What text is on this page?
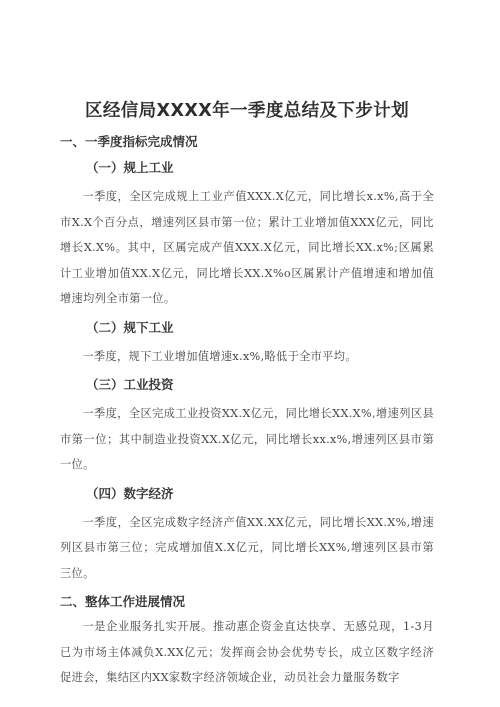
区经信局XXXX年一季度总结及下步计划
一、一季度指标完成情况
（一）规上工业

一季度，全区完成规上工业产值XXX.X亿元，同比增长x.x%,高于全市X.X个百分点，增速列区县市第一位；累计工业增加值XXX亿元，同比增长X.X%。其中，区属完成产值XXX.X亿元，同比增长XX.x%;区属累计工业增加值XX.X亿元，同比增长XX.X%o区属累计产值增速和增加值增速均列全市第一位。

（二）规下工业

一季度，规下工业增加值增速x.x%,略低于全市平均。

（三）工业投资

一季度，全区完成工业投资XX.X亿元，同比增长XX.X%,增速列区县市第一位；其中制造业投资XX.X亿元，同比增长xx.x%,增速列区县市第一位。

（四）数字经济

一季度，全区完成数字经济产值XX.XX亿元，同比增长XX.X%,增速列区县市第三位；完成增加值X.X亿元，同比增长XX%,增速列区县市第三位。

二、整体工作进展情况

一是企业服务扎实开展。推动惠企资金直达快享、无感兑现，1-3月已为市场主体减负X.XX亿元；发挥商会协会优势专长，成立区数字经济促进会，集结区内XX家数字经济领域企业，动员社会力量服务数字
